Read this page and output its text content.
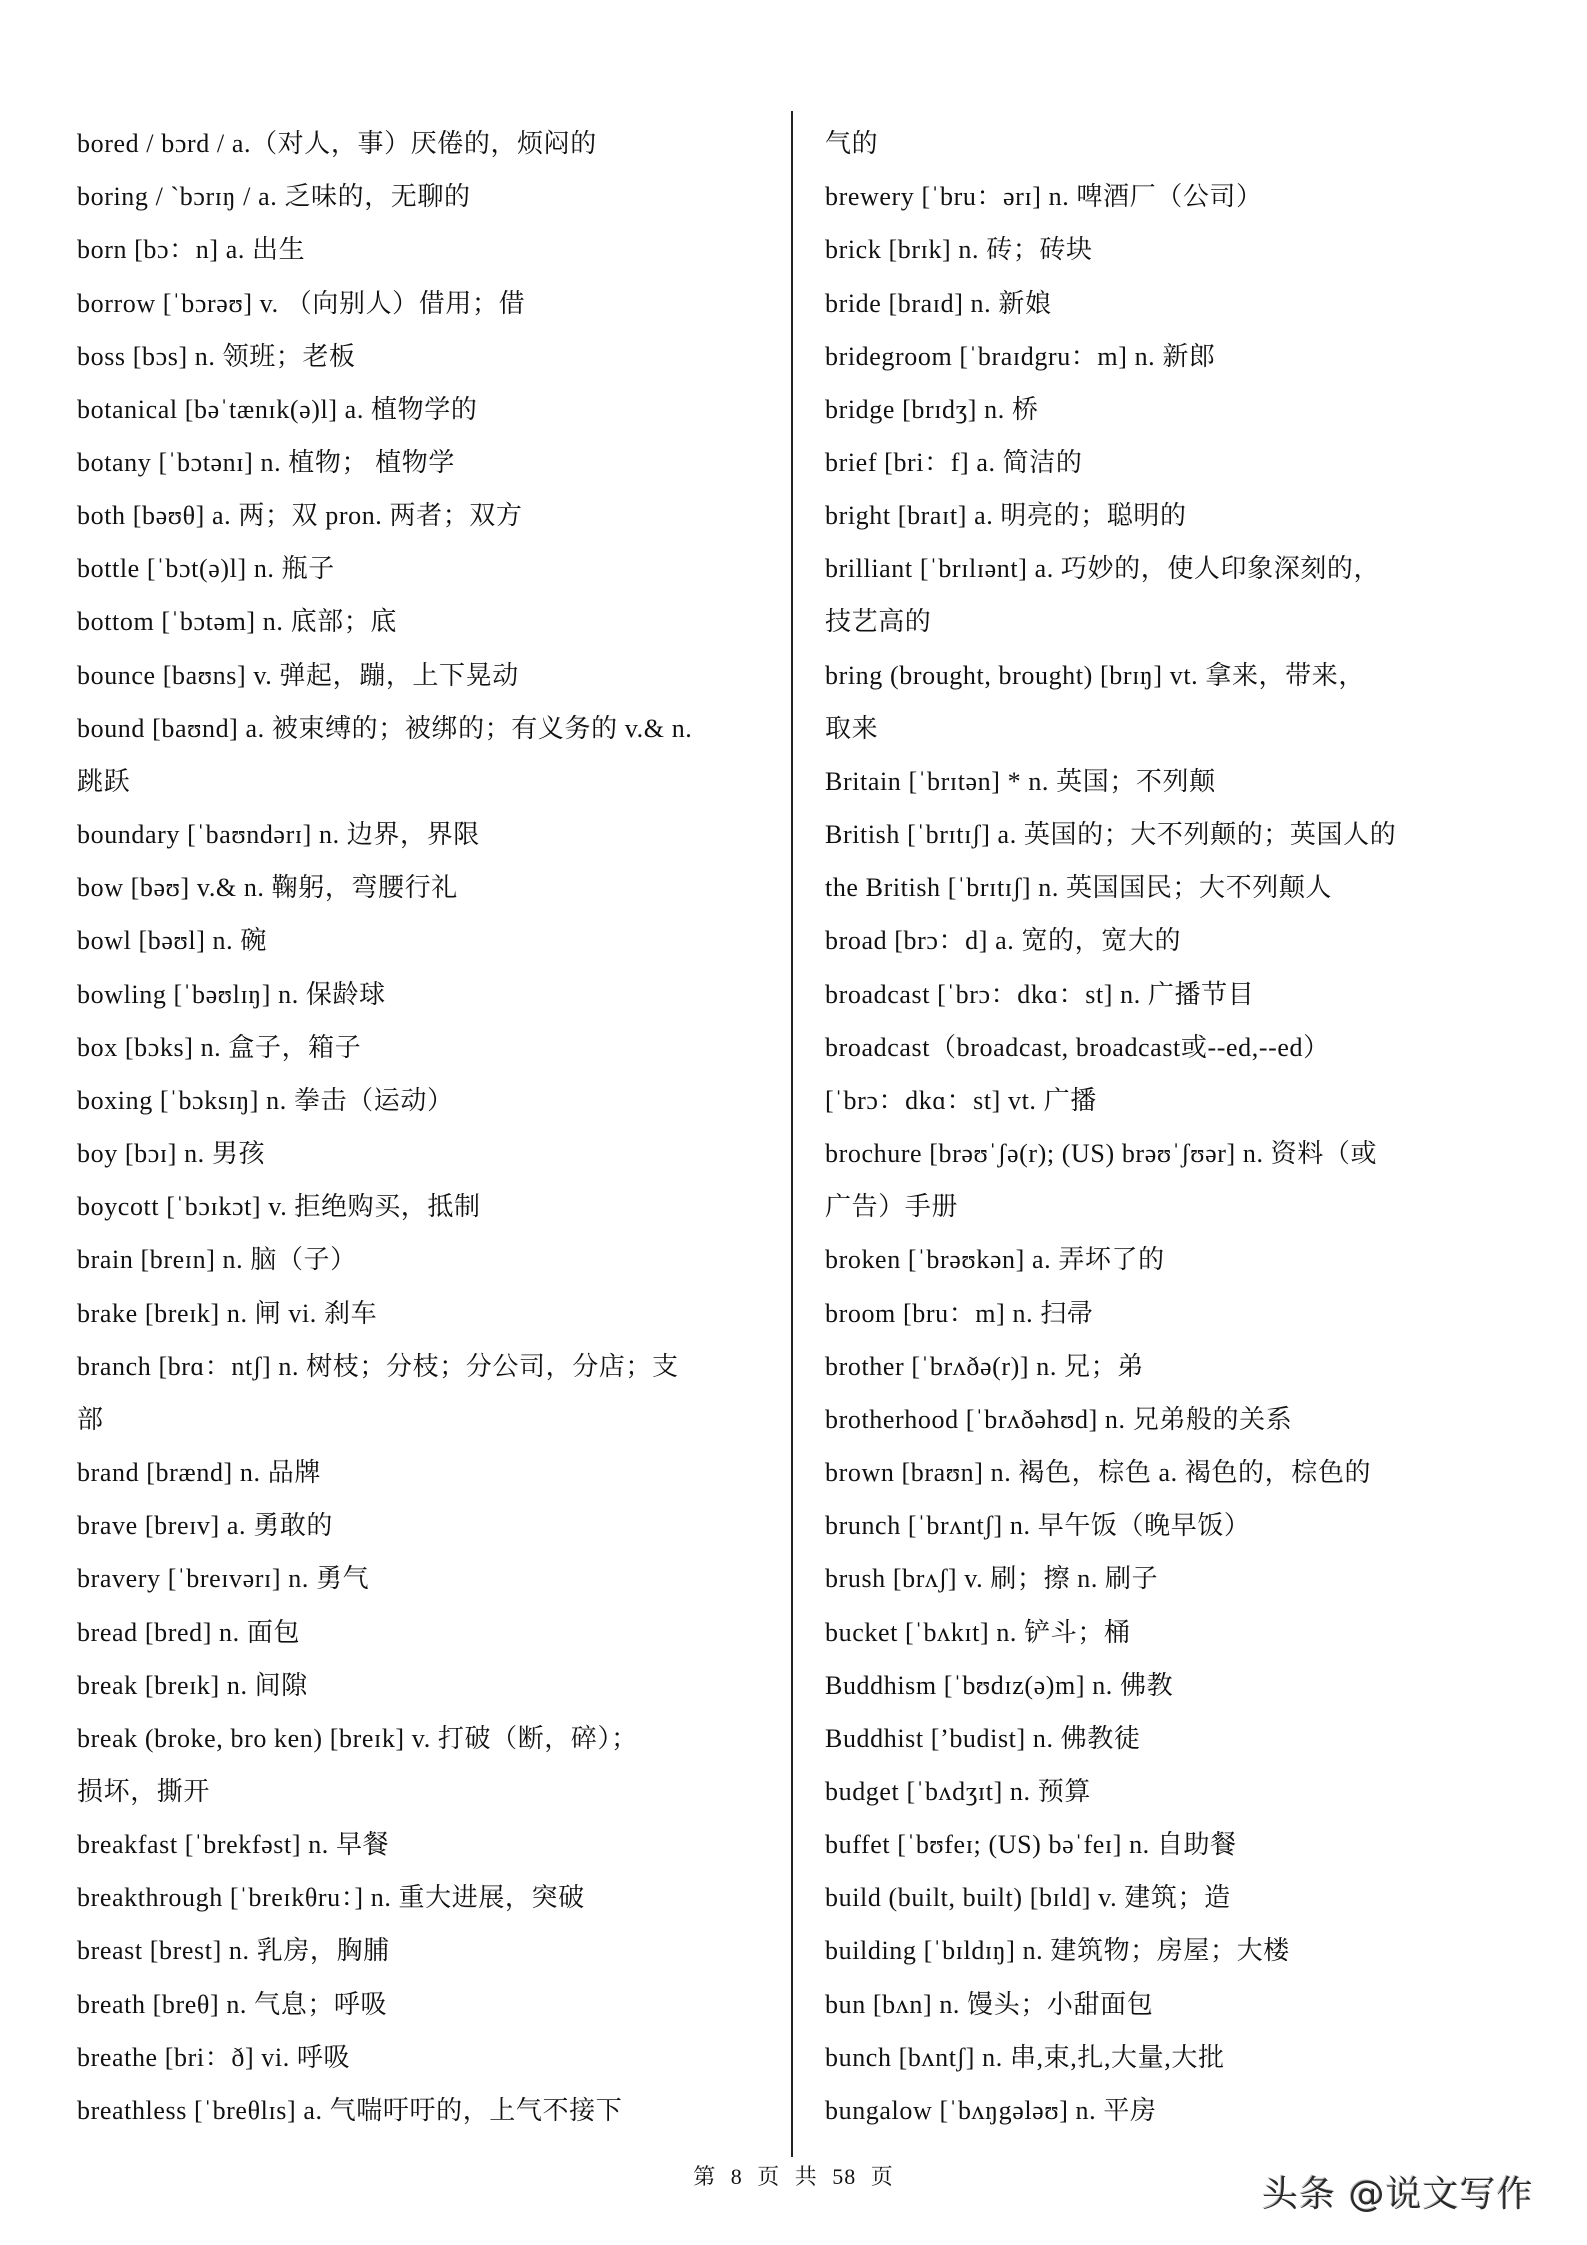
bored / bɔrd / a.（对人，事）厌倦的，烦闷的
boring / `bɔrɪŋ / a. 乏味的，无聊的
born [bɔ：n] a. 出生
borrow [ˈbɔrəʊ] v. （向别人）借用；借
boss [bɔs] n. 领班；老板
botanical [bəˈtænɪk(ə)l] a. 植物学的
botany [ˈbɔtənɪ] n. 植物； 植物学
both [bəʊθ] a. 两；双 pron. 两者；双方
bottle [ˈbɔt(ə)l] n. 瓶子
bottom [ˈbɔtəm] n. 底部；底
bounce [baʊns] v. 弹起，蹦，上下晃动
bound [baʊnd] a. 被束缚的；被绑的；有义务的 v.& n.
跳跃
boundary [ˈbaʊndərɪ] n. 边界，界限
bow [bəʊ] v.& n. 鞠躬，弯腰行礼
bowl [bəʊl] n. 碗
bowling [ˈbəʊlɪŋ] n. 保龄球
box [bɔks] n. 盒子，箱子
boxing [ˈbɔksɪŋ] n. 拳击（运动）
boy [bɔɪ] n. 男孩
boycott [ˈbɔɪkɔt] v. 拒绝购买，抵制
brain [breɪn] n. 脑（子）
brake [breɪk] n. 闸 vi. 刹车
branch [brɑ：ntʃ] n. 树枝；分枝；分公司，分店；支
部
brand [brænd] n. 品牌
brave [breɪv] a. 勇敢的
bravery [ˈbreɪvərɪ] n. 勇气
bread [bred] n. 面包
break [breɪk] n. 间隙
break (broke, bro ken) [breɪk] v. 打破（断，碎）；
损坏，撕开
breakfast [ˈbrekfəst] n. 早餐
breakthrough [ˈbreɪkθru：] n. 重大进展，突破
breast [brest] n. 乳房，胸脯
breath [breθ] n. 气息；呼吸
breathe [bri：ð] vi. 呼吸
breathless [ˈbreθlɪs] a. 气喘吁吁的，上气不接下
气的
brewery [ˈbru：ərɪ] n. 啤酒厂（公司）
brick [brɪk] n. 砖；砖块
bride [braɪd] n. 新娘
bridegroom [ˈbraɪdgru：m] n. 新郎
bridge [brɪdʒ] n. 桥
brief [bri：f] a. 简洁的
bright [braɪt] a. 明亮的；聪明的
brilliant [ˈbrɪlɪənt] a. 巧妙的，使人印象深刻的，
技艺高的
bring (brought, brought) [brɪŋ] vt. 拿来，带来，
取来
Britain [ˈbrɪtən] * n. 英国；不列颠
British [ˈbrɪtɪʃ] a. 英国的；大不列颠的；英国人的
the British [ˈbrɪtɪʃ] n. 英国国民；大不列颠人
broad [brɔ：d] a. 宽的，宽大的
broadcast [ˈbrɔ：dkɑ：st] n. 广播节目
broadcast（broadcast, broadcast或--ed,--ed）
[ˈbrɔ：dkɑ：st] vt. 广播
brochure [brəʊˈʃə(r); (US) brəʊˈʃʊər] n. 资料（或
广告）手册
broken [ˈbrəʊkən] a. 弄坏了的
broom [bru：m] n. 扫帚
brother [ˈbrʌðə(r)] n. 兄；弟
brotherhood [ˈbrʌðəhʊd] n. 兄弟般的关系
brown [braʊn] n. 褐色，棕色 a. 褐色的，棕色的
brunch [ˈbrʌntʃ] n. 早午饭（晚早饭）
brush [brʌʃ] v. 刷；擦 n. 刷子
bucket [ˈbʌkɪt] n. 铲斗；桶
Buddhism [ˈbʊdɪz(ə)m] n. 佛教
Buddhist [’budist] n. 佛教徒
budget [ˈbʌdʒɪt] n. 预算
buffet [ˈbʊfeɪ; (US) bəˈfeɪ] n. 自助餐
build (built, built) [bɪld] v. 建筑；造
building [ˈbɪldɪŋ] n. 建筑物；房屋；大楼
bun [bʌn] n. 馒头；小甜面包
bunch [bʌntʃ] n. 串,束,扎,大量,大批
bungalow [ˈbʌŋgələʊ] n. 平房
第 8 页 共 58 页	头条 @说文写作
